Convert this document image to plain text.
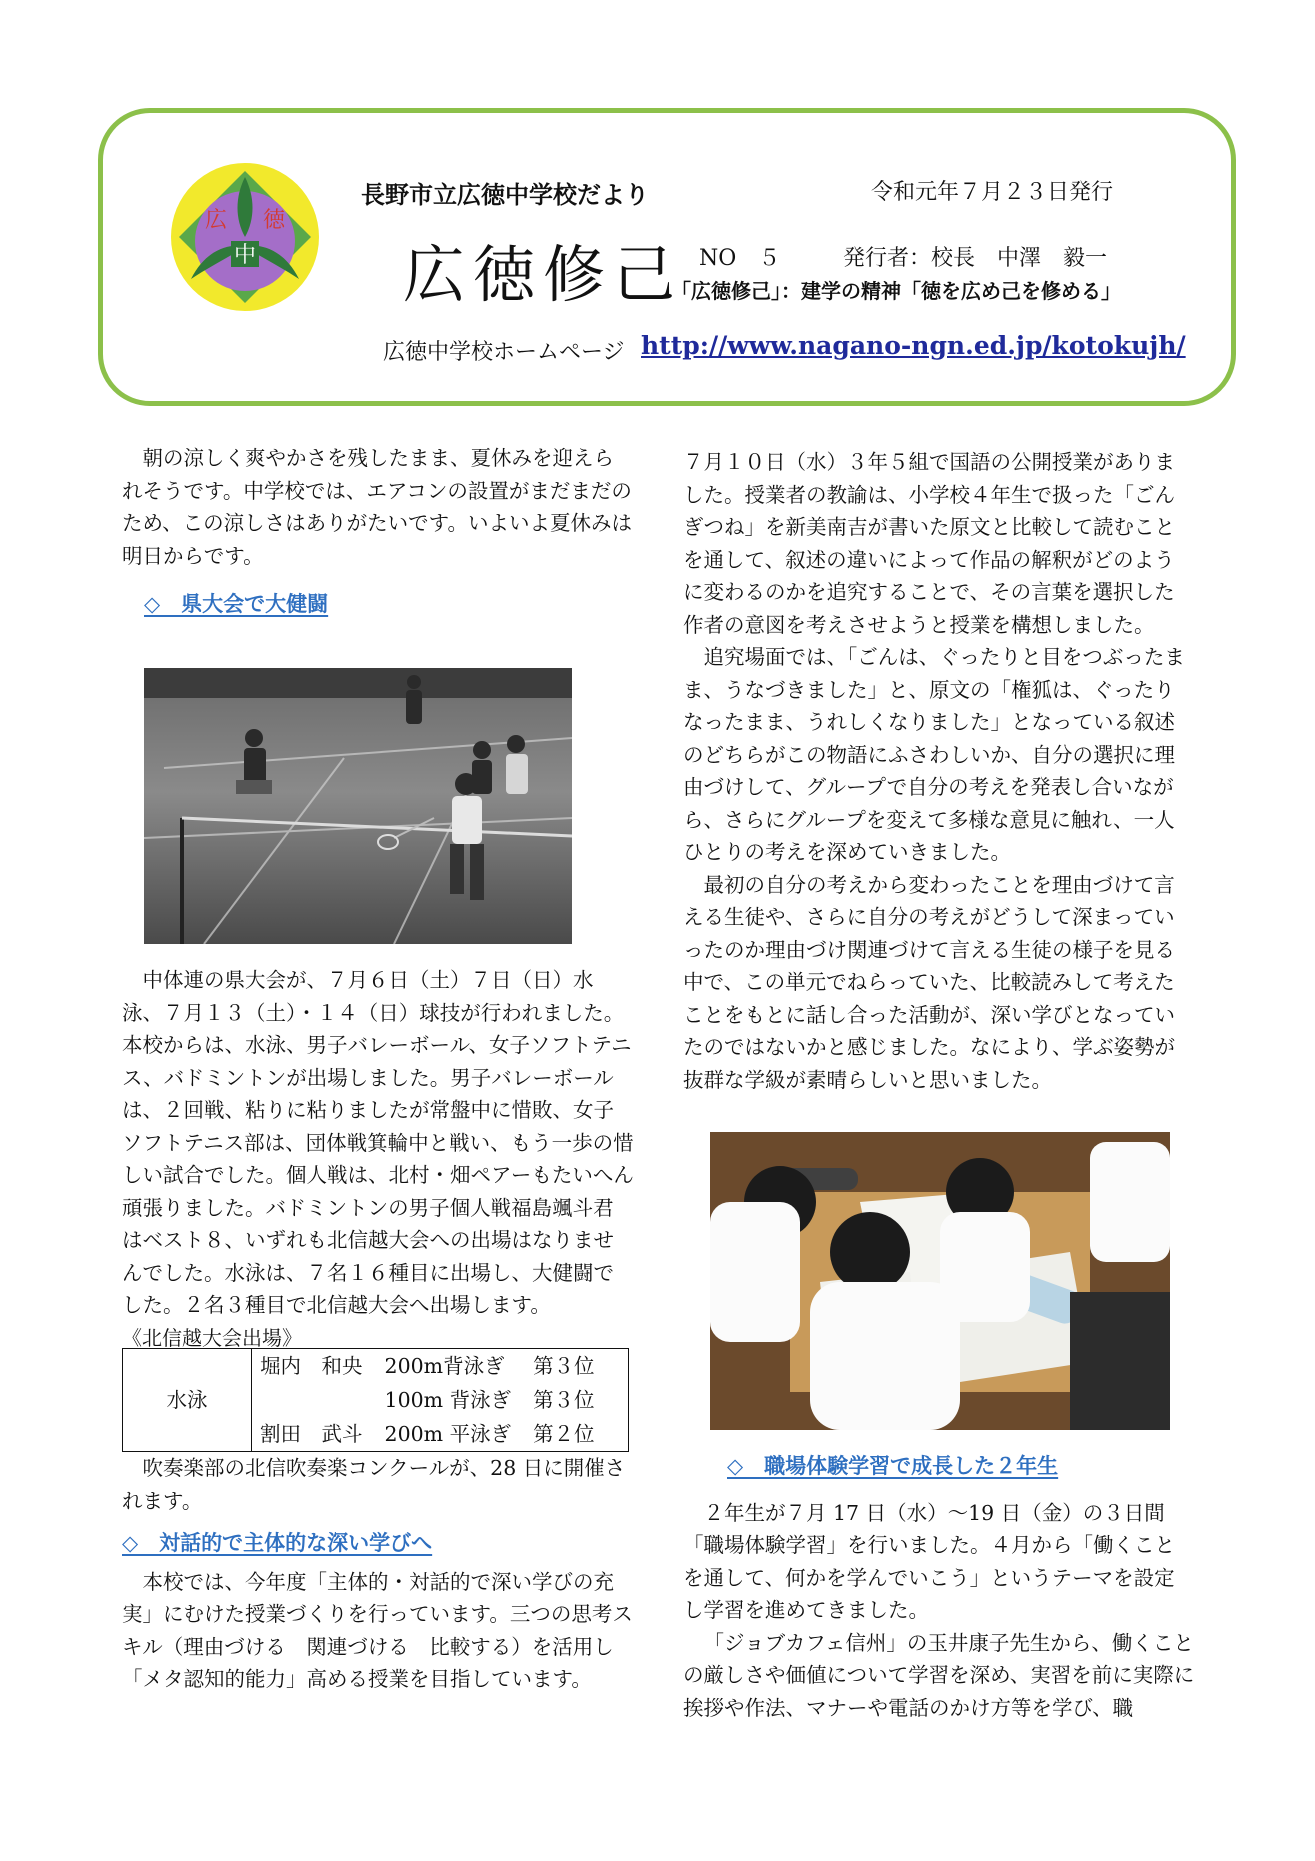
広 徳
中
長野市立広徳中学校だより	令和元年７月２３日発行
広徳修己 NO　５	発行者：校長　中澤　毅一
「広徳修己」：建学の精神「徳を広め己を修める」
広徳中学校ホームページ http://www.nagano-ngn.ed.jp/kotokujh/

朝の涼しく爽やかさを残したまま、夏休みを迎えられそうです。中学校では、エアコンの設置がまだまだのため、この涼しさはありがたいです。いよいよ夏休みは明日からです。

◇　県大会で大健闘

中体連の県大会が、７月６日（土）７日（日）水泳、７月１３（土）・１４（日）球技が行われました。本校からは、水泳、男子バレーボール、女子ソフトテニス、バドミントンが出場しました。男子バレーボールは、２回戦、粘りに粘りましたが常盤中に惜敗、女子ソフトテニス部は、団体戦箕輪中と戦い、もう一歩の惜しい試合でした。個人戦は、北村・畑ペアーもたいへん頑張りました。バドミントンの男子個人戦福島颯斗君はベスト８、いずれも北信越大会への出場はなりませんでした。水泳は、７名１６種目に出場し、大健闘でした。２名３種目で北信越大会へ出場します。

《北信越大会出場》
水泳	堀内　和央 200m背泳ぎ 第３位
100m 背泳ぎ 第３位
割田　武斗 200m 平泳ぎ 第２位

吹奏楽部の北信吹奏楽コンクールが、28 日に開催されます。

◇　対話的で主体的な深い学びへ

本校では、今年度「主体的・対話的で深い学びの充実」にむけた授業づくりを行っています。三つの思考スキル（理由づける　関連づける　比較する）を活用し「メタ認知的能力」高める授業を目指しています。

７月１０日（水）３年５組で国語の公開授業がありました。授業者の教諭は、小学校４年生で扱った「ごんぎつね」を新美南吉が書いた原文と比較して読むことを通して、叙述の違いによって作品の解釈がどのように変わるのかを追究することで、その言葉を選択した作者の意図を考えさせようと授業を構想しました。

追究場面では、「ごんは、ぐったりと目をつぶったまま、うなづきました」と、原文の「権狐は、ぐったりなったまま、うれしくなりました」となっている叙述のどちらがこの物語にふさわしいか、自分の選択に理由づけして、グループで自分の考えを発表し合いながら、さらにグループを変えて多様な意見に触れ、一人ひとりの考えを深めていきました。

最初の自分の考えから変わったことを理由づけて言える生徒や、さらに自分の考えがどうして深まっていったのか理由づけ関連づけて言える生徒の様子を見る中で、この単元でねらっていた、比較読みして考えたことをもとに話し合った活動が、深い学びとなっていたのではないかと感じました。なにより、学ぶ姿勢が抜群な学級が素晴らしいと思いました。

◇　職場体験学習で成長した２年生

２年生が７月 17 日（水）～19 日（金）の３日間「職場体験学習」を行いました。４月から「働くことを通して、何かを学んでいこう」というテーマを設定し学習を進めてきました。

「ジョブカフェ信州」の玉井康子先生から、働くことの厳しさや価値について学習を深め、実習を前に実際に挨拶や作法、マナーや電話のかけ方等を学び、職
